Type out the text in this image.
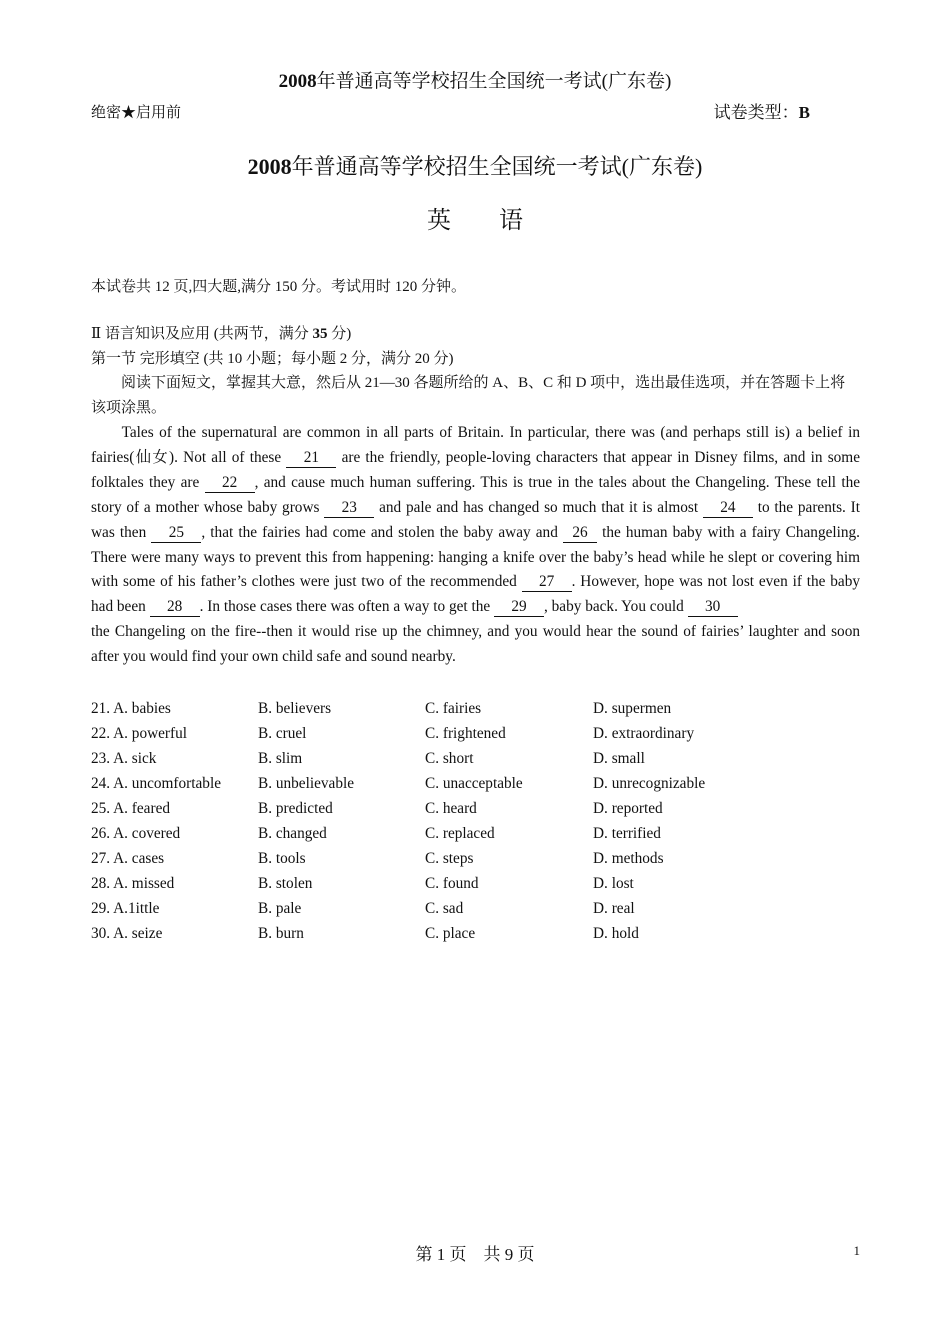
2008年普通高等学校招生全国统一考试(广东卷)
绝密★启用前	试卷类型：B
2008年普通高等学校招生全国统一考试(广东卷)
英语
本试卷共 12 页,四大题,满分 150 分。考试用时 120 分钟。
Ⅱ 语言知识及应用 (共两节，满分 35 分)
第一节 完形填空 (共 10 小题；每小题 2 分，满分 20 分)
阅读下面短文，掌握其大意，然后从 21—30 各题所给的 A、B、C 和 D 项中，选出最佳选项，并在答题卡上将该项涂黑。
Tales of the supernatural are common in all parts of Britain. In particular, there was (and perhaps still is) a belief in fairies(仙女). Not all of these 21 are the friendly, people-loving characters that appear in Disney films, and in some folktales they are 22 , and cause much human suffering. This is true in the tales about the Changeling. These tell the story of a mother whose baby grows 23 and pale and has changed so much that it is almost 24 to the parents. It was then 25 , that the fairies had come and stolen the baby away and 26 the human baby with a fairy Changeling. There were many ways to prevent this from happening: hanging a knife over the baby’s head while he slept or covering him with some of his father’s clothes were just two of the recommended 27 . However, hope was not lost even if the baby had been 28 . In those cases there was often a way to get the 29 , baby back. You could 30
the Changeling on the fire--then it would rise up the chimney, and you would hear the sound of fairies’ laughter and soon after you would find your own child safe and sound nearby.
21. A. babies	B. believers	C. fairies	D. supermen
22. A. powerful	B. cruel	C. frightened	D. extraordinary
23. A. sick	B. slim	C. short	D. small
24. A. uncomfortable	B. unbelievable	C. unacceptable	D. unrecognizable
25. A. feared	B. predicted	C. heard	D. reported
26. A. covered	B. changed	C. replaced	D. terrified
27. A. cases	B. tools	C. steps	D. methods
28. A. missed	B. stolen	C. found	D. lost
29. A.1ittle	B. pale	C. sad	D. real
30. A. seize	B. burn	C. place	D. hold
第 1 页　共 9 页	1
